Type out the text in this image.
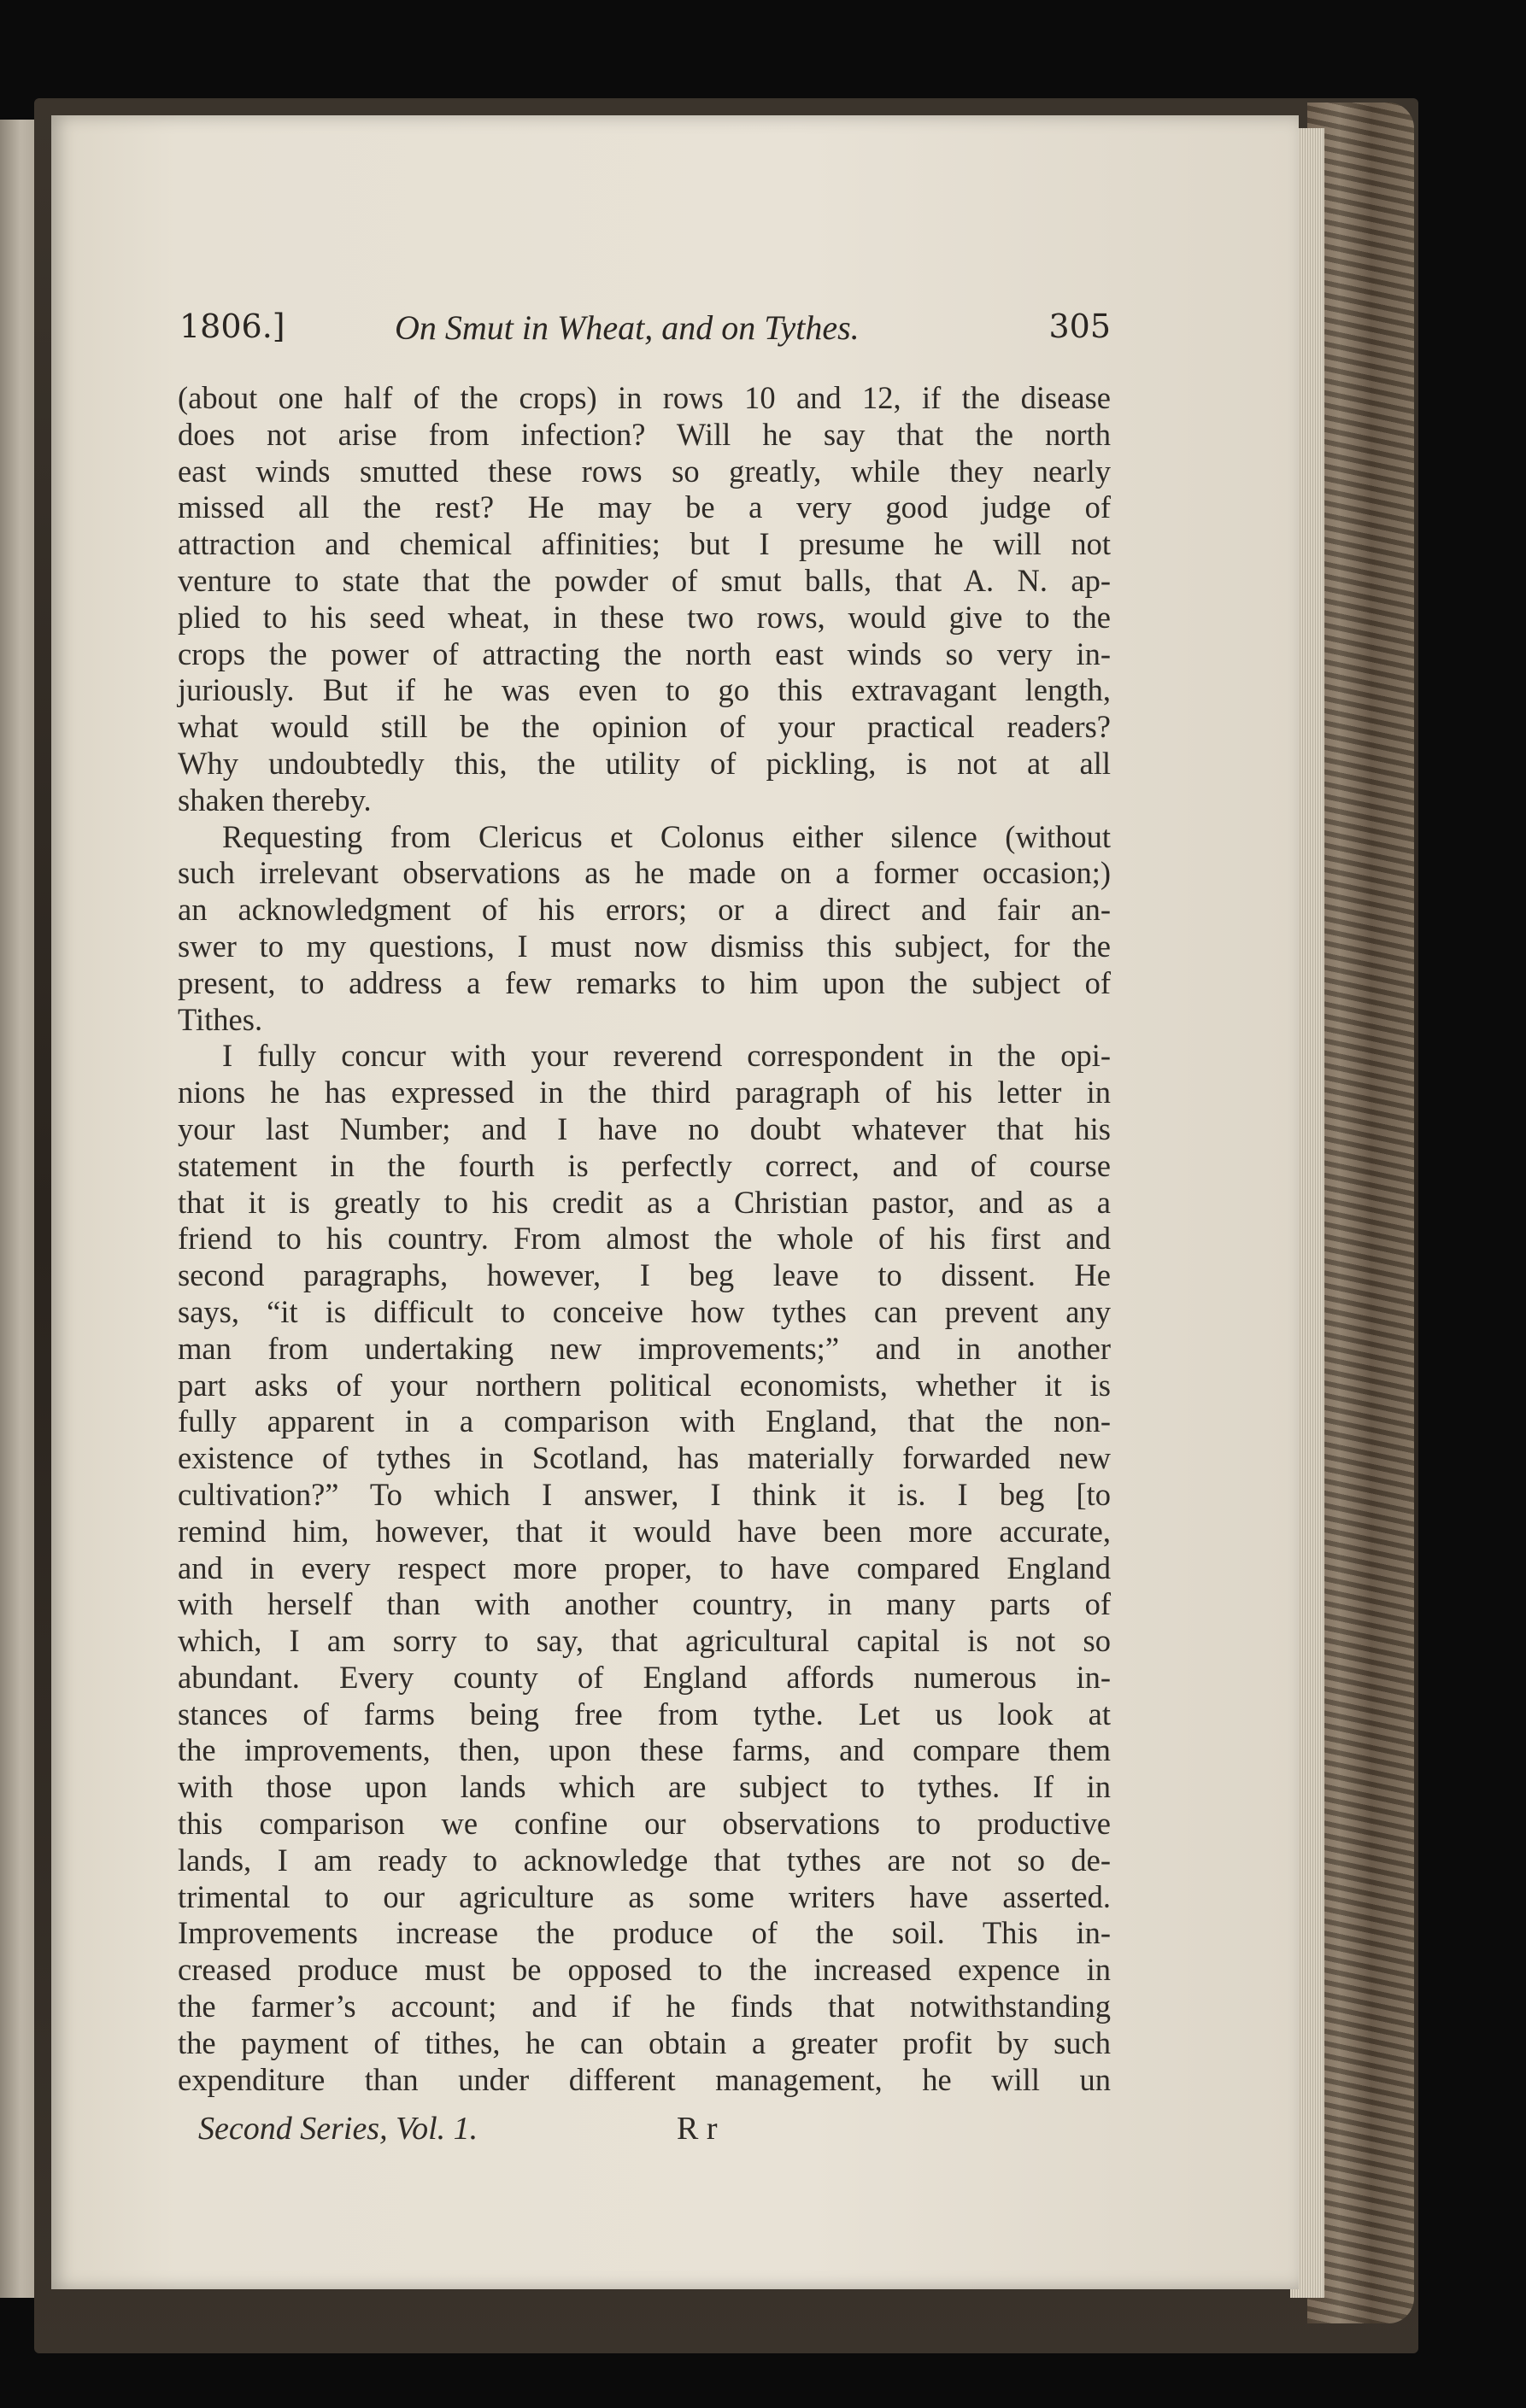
1806.]	On Smut in Wheat, and on Tythes.	305
(about one half of the crops) in rows 10 and 12, if the disease
does not arise from infection? Will he say that the north
east winds smutted these rows so greatly, while they nearly
missed all the rest? He may be a very good judge of
attraction and chemical affinities; but I presume he will not
venture to state that the powder of smut balls, that A. N. ap-
plied to his seed wheat, in these two rows, would give to the
crops the power of attracting the north east winds so very in-
juriously. But if he was even to go this extravagant length,
what would still be the opinion of your practical readers?
Why undoubtedly this, the utility of pickling, is not at all
shaken thereby.
Requesting from Clericus et Colonus either silence (without
such irrelevant observations as he made on a former occasion;)
an acknowledgment of his errors; or a direct and fair an-
swer to my questions, I must now dismiss this subject, for the
present, to address a few remarks to him upon the subject of
Tithes.
I fully concur with your reverend correspondent in the opi-
nions he has expressed in the third paragraph of his letter in
your last Number; and I have no doubt whatever that his
statement in the fourth is perfectly correct, and of course
that it is greatly to his credit as a Christian pastor, and as a
friend to his country. From almost the whole of his first and
second paragraphs, however, I beg leave to dissent. He
says, “it is difficult to conceive how tythes can prevent any
man from undertaking new improvements;” and in another
part asks of your northern political economists, whether it is
fully apparent in a comparison with England, that the non-
existence of tythes in Scotland, has materially forwarded new
cultivation?” To which I answer, I think it is. I beg [to
remind him, however, that it would have been more accurate,
and in every respect more proper, to have compared England
with herself than with another country, in many parts of
which, I am sorry to say, that agricultural capital is not so
abundant. Every county of England affords numerous in-
stances of farms being free from tythe. Let us look at
the improvements, then, upon these farms, and compare them
with those upon lands which are subject to tythes. If in
this comparison we confine our observations to productive
lands, I am ready to acknowledge that tythes are not so de-
trimental to our agriculture as some writers have asserted.
Improvements increase the produce of the soil. This in-
creased produce must be opposed to the increased expence in
the farmer’s account; and if he finds that notwithstanding
the payment of tithes, he can obtain a greater profit by such
expenditure than under different management, he will un
Second Series, Vol. 1.	R r
